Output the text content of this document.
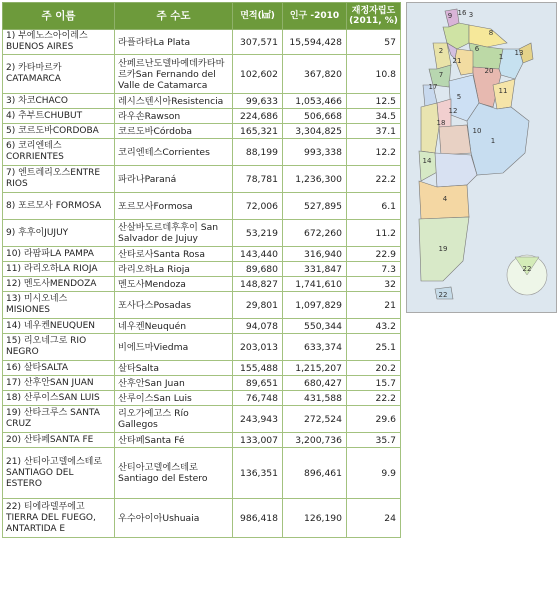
주 이름	주 수도	면적(㎢)	인구 -2010	재정자립도 (2011, %)
1) 부에노스아이레스 BUENOS AIRES	라플라타La Plata	307,571	15,594,428	57
2) 카타마르카 CATAMARCA	산페르난도델바예데카타마르카San Fernando del Valle de Catamarca	102,602	367,820	10.8
3) 차코CHACO	레시스텐시아Resistencia	99,633	1,053,466	12.5
4) 추부트CHUBUT	라우손Rawson	224,686	506,668	34.5
5) 코르도바CORDOBA	코르도바Córdoba	165,321	3,304,825	37.1
6) 코리엔테스 CORRIENTES	코리엔테스Corrientes	88,199	993,338	12.2
7) 엔트레리오스ENTRE RIOS	파라나Paraná	78,781	1,236,300	22.2
8) 포르모사 FORMOSA	포르모사Formosa	72,006	527,895	6.1
9) 후후이JUJUY	산살바도르데후후이 San Salvador de Jujuy	53,219	672,260	11.2
10) 라팜파LA PAMPA	산타로사Santa Rosa	143,440	316,940	22.9
11) 라리오하LA RIOJA	라리오하La Rioja	89,680	331,847	7.3
12) 멘도사MENDOZA	멘도사Mendoza	148,827	1,741,610	32
13) 미시오네스 MISIONES	포사다스Posadas	29,801	1,097,829	21
14) 네우켄NEUQUEN	네우켄Neuquén	94,078	550,344	43.2
15) 리오네그로 RIO NEGRO	비에드마Viedma	203,013	633,374	25.1
16) 살타SALTA	살타Salta	155,488	1,215,207	20.2
17) 산후안SAN JUAN	산후안San Juan	89,651	680,427	15.7
18) 산루이스SAN LUIS	산루이스San Luis	76,748	431,588	22.2
19) 산타크루스 SANTA CRUZ	리오가예고스 Río Gallegos	243,943	272,524	29.6
20) 산타페SANTA FE	산타페Santa Fé	133,007	3,200,736	35.7
21) 산티아고델에스테로 SANTIAGO DEL ESTERO	산티아고델에스테로 Santiago del Estero	136,351	896,461	9.9
22) 티에라델푸에고 TIERRA DEL FUEGO, ANTARTIDA E	우수아이아Ushuaia	986,418	126,190	24
9 16 3
8
2
21
6	13
1
20
11
7
17
5
12
18
10
14
1
4
19
22
22
